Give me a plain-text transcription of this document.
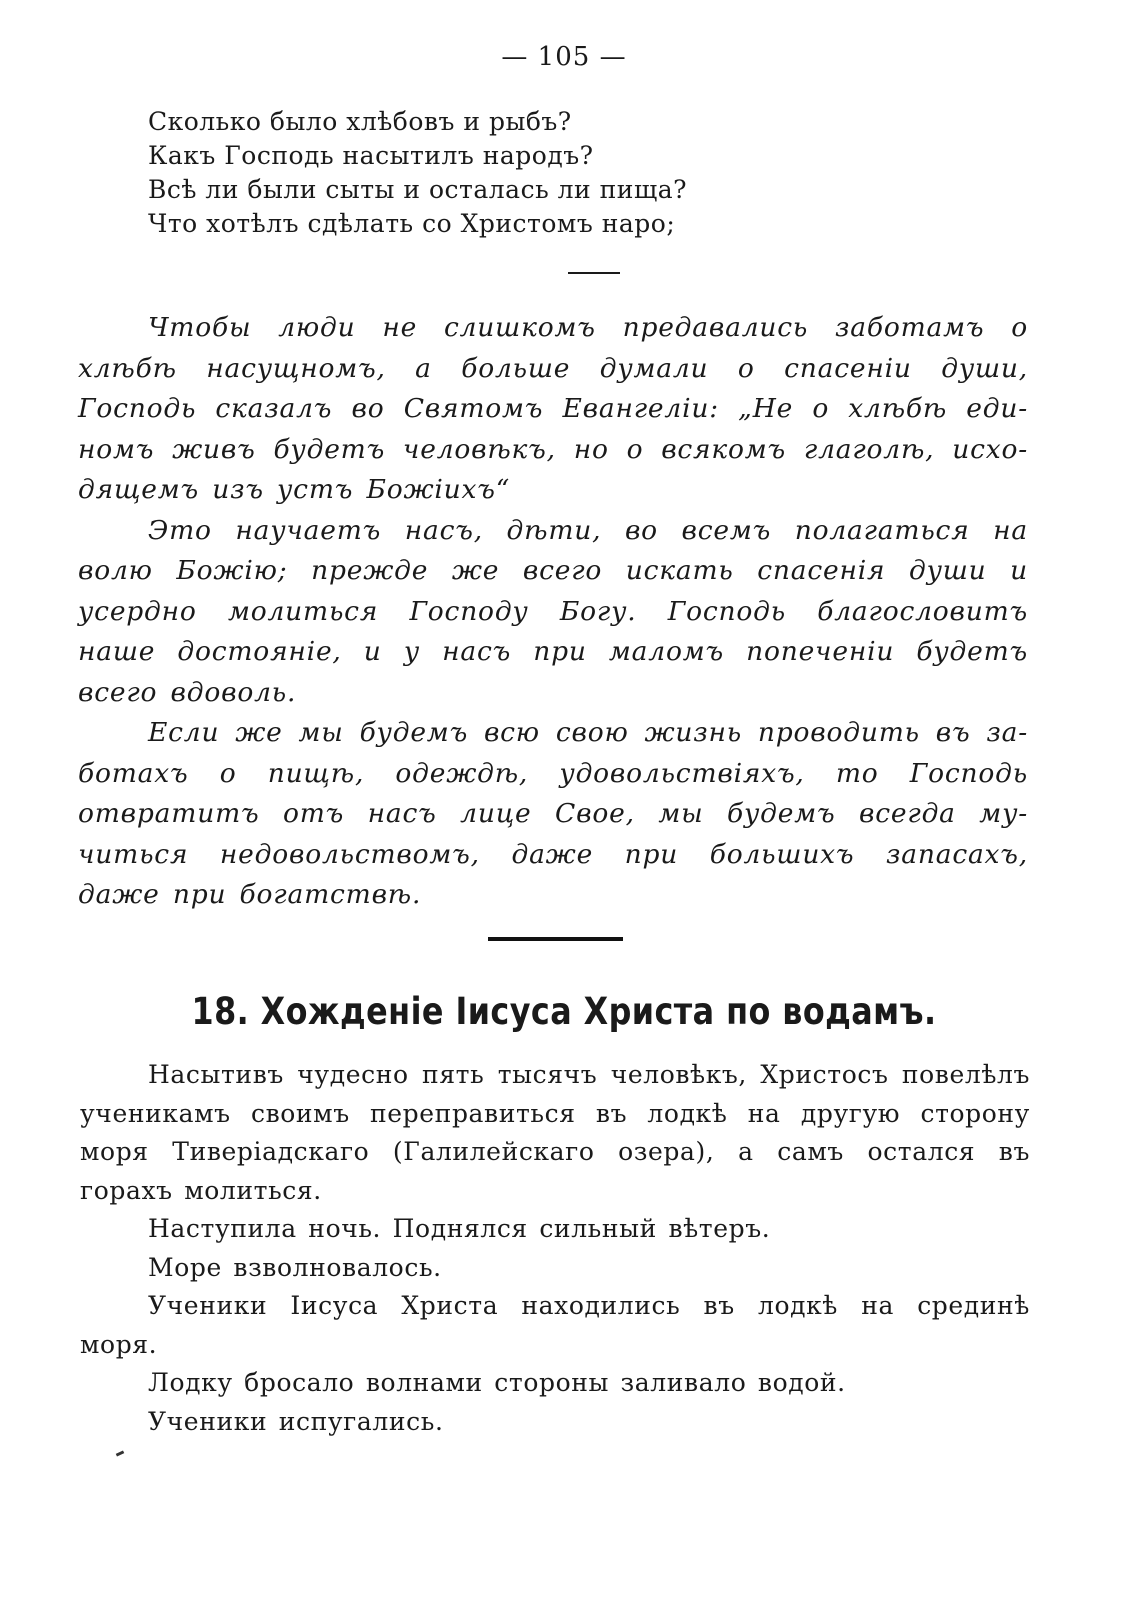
— 105 —
Сколько было хлѣбовъ и рыбъ?
Какъ Господь насытилъ народъ?
Всѣ ли были сыты и осталась ли пища?
Что хотѣлъ сдѣлать со Христомъ наро;
Чтобы люди не слишкомъ предавались заботамъ о
хлѣбѣ насущномъ, а больше думали о спасеніи души,
Господь сказалъ во Святомъ Евангеліи: „Не о хлѣбѣ еди-
номъ живъ будетъ человѣкъ, но о всякомъ глаголѣ, исхо-
дящемъ изъ устъ Божіихъ“
Это научаетъ насъ, дѣти, во всемъ полагаться на
волю Божію; прежде же всего искать спасенія души и
усердно молиться Господу Богу. Господь благословитъ
наше достояніе, и у насъ при маломъ попеченіи будетъ
всего вдоволь.
Если же мы будемъ всю свою жизнь проводить въ за-
ботахъ о пищѣ, одеждѣ, удовольствіяхъ, то Господь
отвратитъ отъ насъ лице Свое, мы будемъ всегда му-
читься недовольствомъ, даже при большихъ запасахъ,
даже при богатствѣ.
18. Хожденіе Іисуса Христа по водамъ.
Насытивъ чудесно пять тысячъ человѣкъ, Христосъ повелѣлъ
ученикамъ своимъ переправиться въ лодкѣ на другую сторону
моря Тиверіадскаго (Галилейскаго озера), а самъ остался въ
горахъ молиться.
Наступила ночь. Поднялся сильный вѣтеръ.
Море взволновалось.
Ученики Іисуса Христа находились въ лодкѣ на срединѣ
моря.
Лодку бросало волнами стороны заливало водой.
Ученики испугались.
